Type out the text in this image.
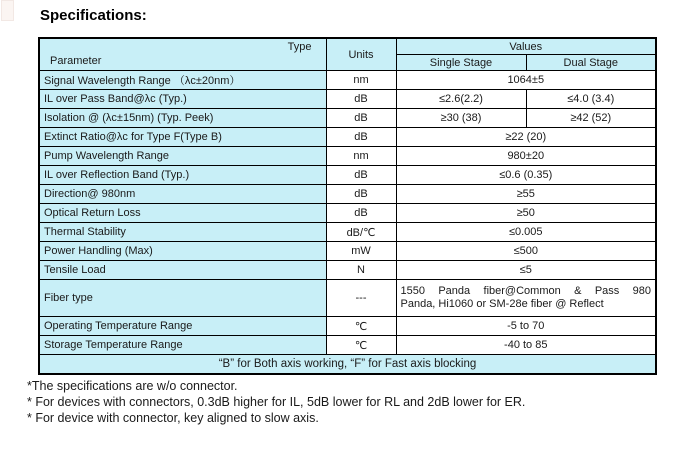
Specifications:
Type
Parameter	Units	Values	
		Single Stage	Dual Stage
Signal Wavelength Range （λc±20nm）	nm	1064±5	
IL over Pass Band@λc (Typ.)	dB	≤2.6(2.2)	≤4.0 (3.4)
Isolation @ (λc±15nm) (Typ. Peek)	dB	≥30 (38)	≥42 (52)
Extinct Ratio@λc for Type F(Type B)	dB	≥22 (20)	
Pump Wavelength Range	nm	980±20	
IL over Reflection Band (Typ.)	dB	≤0.6 (0.35)	
Direction@ 980nm	dB	≥55	
Optical Return Loss	dB	≥50	
Thermal Stability	dB/℃	≤0.005	
Power Handling (Max)	mW	≤500	
Tensile Load	N	≤5	
Fiber type	---	1550 Panda fiber@Common & Pass 980
Panda, Hi1060 or SM-28e fiber @ Reflect	

Operating Temperature Range	℃	-5 to 70	
Storage Temperature Range	℃	-40 to 85	
“B” for Both axis working, “F” for Fast axis blocking			
*The specifications are w/o connector.
* For devices with connectors, 0.3dB higher for IL, 5dB lower for RL and 2dB lower for ER.
* For device with connector, key aligned to slow axis.
